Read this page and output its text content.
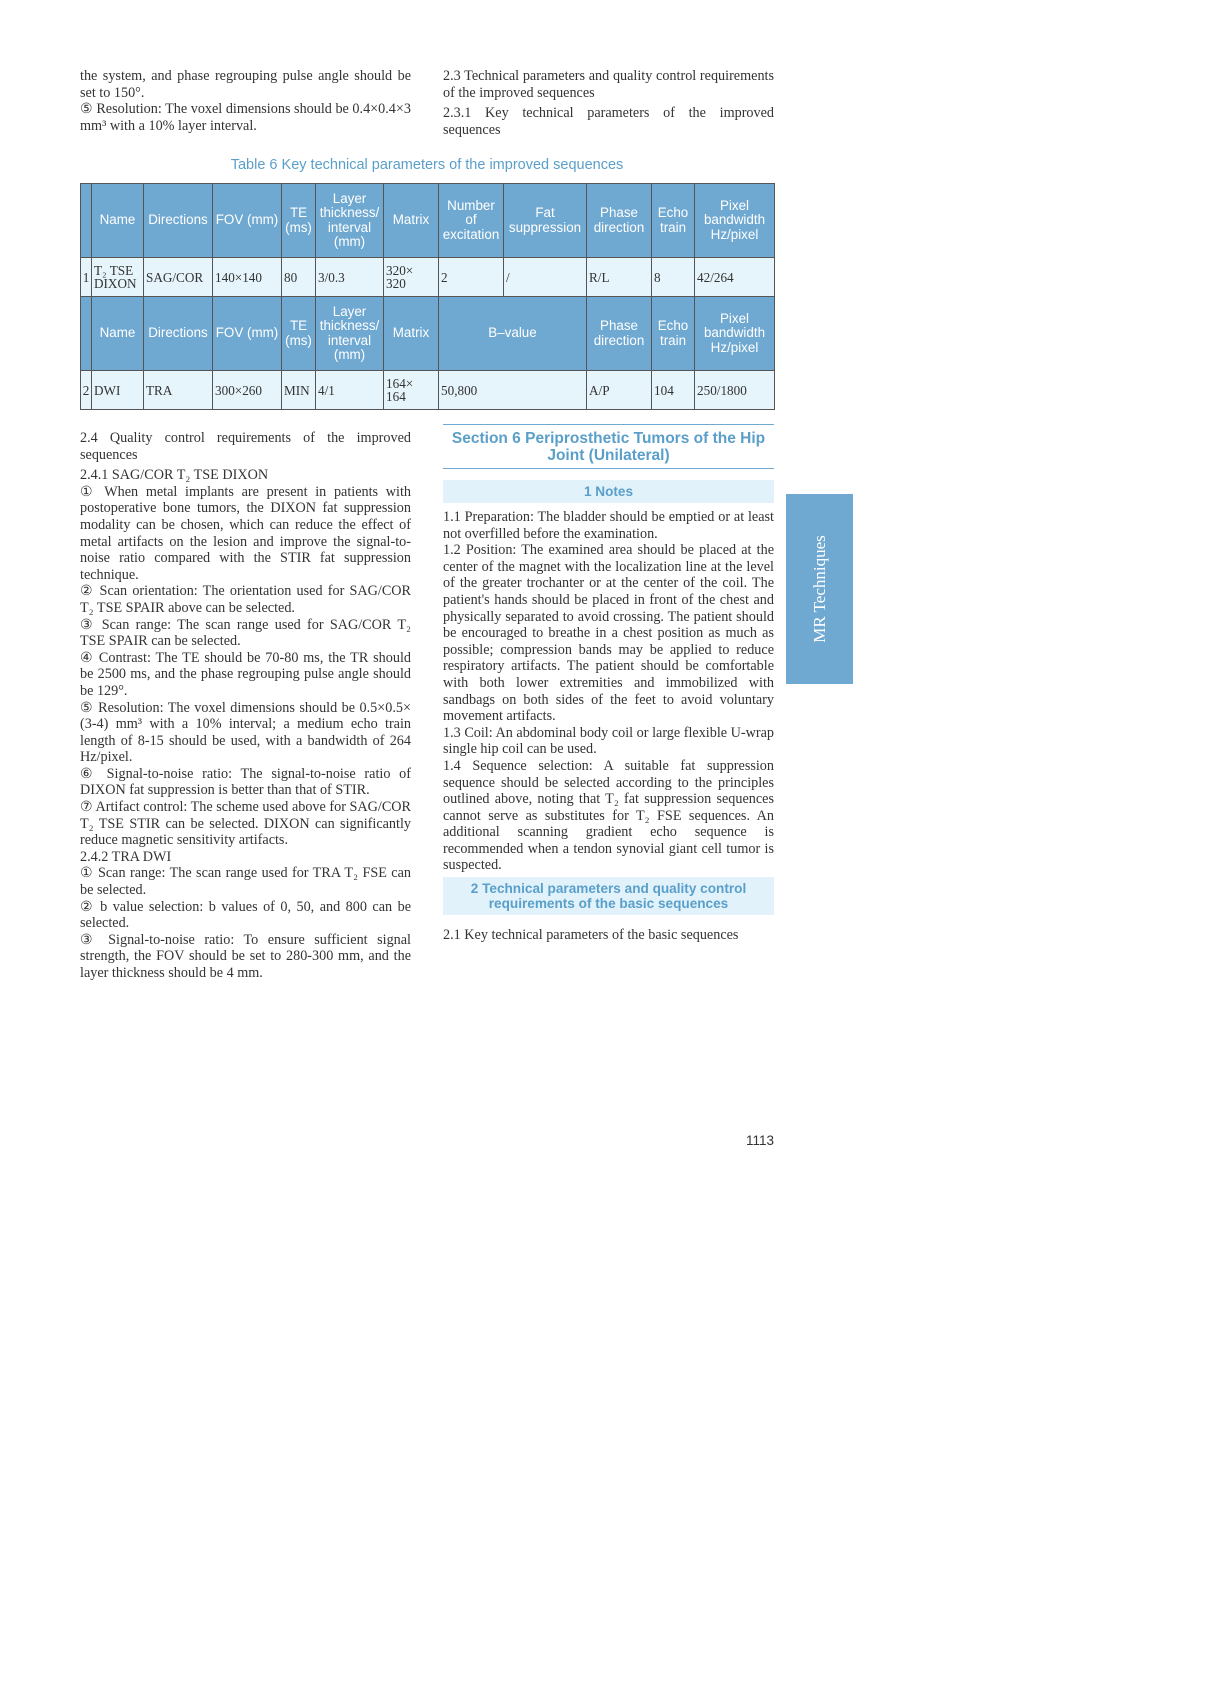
the system, and phase regrouping pulse angle should be set to 150°.

⑤ Resolution: The voxel dimensions should be 0.4×0.4×3 mm³ with a 10% layer interval.

2.3 Technical parameters and quality control requirements of the improved sequences

2.3.1 Key technical parameters of the improved sequences

Table 6 Key technical parameters of the improved sequences
	Name	Directions	FOV (mm)	TE (ms)	Layer thickness/ interval (mm)	Matrix	Number of excitation	Fat suppression	Phase direction	Echo train	Pixel bandwidth Hz/pixel
1	T₂ TSE DIXON	SAG/COR	140×140	80	3/0.3	320× 320	2	/	R/L	8	42/264
	Name	Directions	FOV (mm)	TE (ms)	Layer thickness/ interval (mm)	Matrix	B–value		Phase direction	Echo train	Pixel bandwidth Hz/pixel
2	DWI	TRA	300×260	MIN	4/1	164× 164	50,800		A/P	104	250/1800

2.4 Quality control requirements of the improved sequences

2.4.1 SAG/COR T₂ TSE DIXON

① When metal implants are present in patients with postoperative bone tumors, the DIXON fat suppression modality can be chosen, which can reduce the effect of metal artifacts on the lesion and improve the signal-to-noise ratio compared with the STIR fat suppression technique.

② Scan orientation: The orientation used for SAG/COR T₂ TSE SPAIR above can be selected.

③ Scan range: The scan range used for SAG/COR T₂ TSE SPAIR can be selected.

④ Contrast: The TE should be 70-80 ms, the TR should be 2500 ms, and the phase regrouping pulse angle should be 129°.

⑤ Resolution: The voxel dimensions should be 0.5×0.5× (3-4) mm³ with a 10% interval; a medium echo train length of 8-15 should be used, with a bandwidth of 264 Hz/pixel.

⑥ Signal-to-noise ratio: The signal-to-noise ratio of DIXON fat suppression is better than that of STIR.

⑦ Artifact control: The scheme used above for SAG/COR T₂ TSE STIR can be selected. DIXON can significantly reduce magnetic sensitivity artifacts.

2.4.2 TRA DWI

① Scan range: The scan range used for TRA T₂ FSE can be selected.

② b value selection: b values of 0, 50, and 800 can be selected.

③ Signal-to-noise ratio: To ensure sufficient signal strength, the FOV should be set to 280-300 mm, and the layer thickness should be 4 mm.

Section 6 Periprosthetic Tumors of the Hip Joint (Unilateral)
1 Notes

1.1 Preparation: The bladder should be emptied or at least not overfilled before the examination.

1.2 Position: The examined area should be placed at the center of the magnet with the localization line at the level of the greater trochanter or at the center of the coil. The patient's hands should be placed in front of the chest and physically separated to avoid crossing. The patient should be encouraged to breathe in a chest position as much as possible; compression bands may be applied to reduce respiratory artifacts. The patient should be comfortable with both lower extremities and immobilized with sandbags on both sides of the feet to avoid voluntary movement artifacts.

1.3 Coil: An abdominal body coil or large flexible U-wrap single hip coil can be used.

1.4 Sequence selection: A suitable fat suppression sequence should be selected according to the principles outlined above, noting that T₂ fat suppression sequences cannot serve as substitutes for T₂ FSE sequences. An additional scanning gradient echo sequence is recommended when a tendon synovial giant cell tumor is suspected.

2 Technical parameters and quality control requirements of the basic sequences

2.1 Key technical parameters of the basic sequences

MR Techniques
1113
